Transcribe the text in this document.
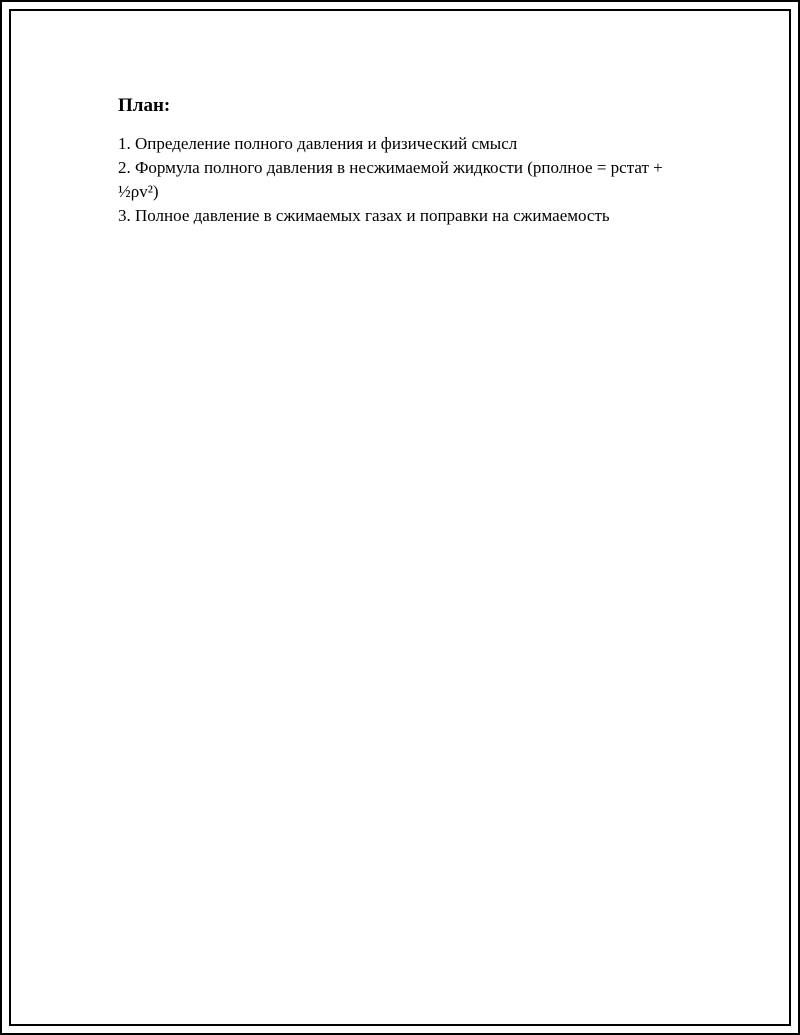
План:
1. Определение полного давления и физический смысл
2. Формула полного давления в несжимаемой жидкости (pполное = pстат + ½ρv²)
3. Полное давление в сжимаемых газах и поправки на сжимаемость
